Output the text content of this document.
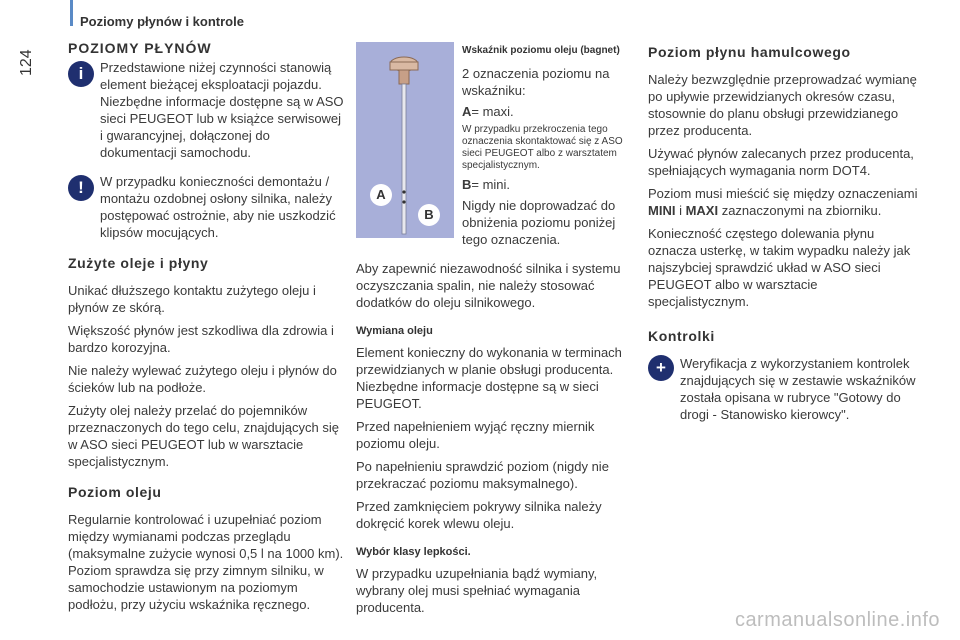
Poziomy płynów i kontrole
124
POZIOMY PŁYNÓW
i	Przedstawione niżej czynności stanowią element bieżącej eksploatacji pojazdu. Niezbędne informacje dostępne są w ASO sieci PEUGEOT lub w książce serwisowej i gwarancyjnej, dołączonej do dokumentacji samochodu.

!	W przypadku konieczności demontażu / montażu ozdobnej osłony silnika, należy postępować ostrożnie, aby nie uszkodzić klipsów mocujących.

Zużyte oleje i płyny

Unikać dłuższego kontaktu zużytego oleju i płynów ze skórą.

Większość płynów jest szkodliwa dla zdrowia i bardzo korozyjna.

Nie należy wylewać zużytego oleju i płynów do ścieków lub na podłoże.

Zużyty olej należy przelać do pojemników przeznaczonych do tego celu, znajdujących się w ASO sieci PEUGEOT lub w warsztacie specjalistycznym.

Poziom oleju

Regularnie kontrolować i uzupełniać poziom między wymianami podczas przeglądu (maksymalne zużycie wynosi 0,5 l na 1000 km). Poziom sprawdza się przy zimnym silniku, w samochodzie ustawionym na poziomym podłożu, przy użyciu wskaźnika ręcznego.

A
B
Wskaźnik poziomu oleju (bagnet)

2 oznaczenia poziomu na wskaźniku:

A= maxi.

W przypadku przekroczenia tego oznaczenia skontaktować się z ASO sieci PEUGEOT albo z warsztatem specjalistycznym.

B= mini.

Nigdy nie doprowadzać do obniżenia poziomu poniżej tego oznaczenia.

Aby zapewnić niezawodność silnika i systemu oczyszczania spalin, nie należy stosować dodatków do oleju silnikowego.

Wymiana oleju

Element konieczny do wykonania w terminach przewidzianych w planie obsługi producenta. Niezbędne informacje dostępne są w sieci PEUGEOT.

Przed napełnieniem wyjąć ręczny miernik poziomu oleju.

Po napełnieniu sprawdzić poziom (nigdy nie przekraczać poziomu maksymalnego).

Przed zamknięciem pokrywy silnika należy dokręcić korek wlewu oleju.

Wybór klasy lepkości.

W przypadku uzupełniania bądź wymiany, wybrany olej musi spełniać wymagania producenta.

Poziom płynu hamulcowego

Należy bezwzględnie przeprowadzać wymianę po upływie przewidzianych okresów czasu, stosownie do planu obsługi przewidzianego przez producenta.

Używać płynów zalecanych przez producenta, spełniających wymagania norm DOT4.

Poziom musi mieścić się między oznaczeniami MINI i MAXI zaznaczonymi na zbiorniku.

Konieczność częstego dolewania płynu oznacza usterkę, w takim wypadku należy jak najszybciej sprawdzić układ w ASO sieci PEUGEOT albo w warsztacie specjalistycznym.

Kontrolki
+	Weryfikacja z wykorzystaniem kontrolek znajdujących się w zestawie wskaźników została opisana w rubryce "Gotowy do drogi - Stanowisko kierowcy".

carmanualsonline.info
